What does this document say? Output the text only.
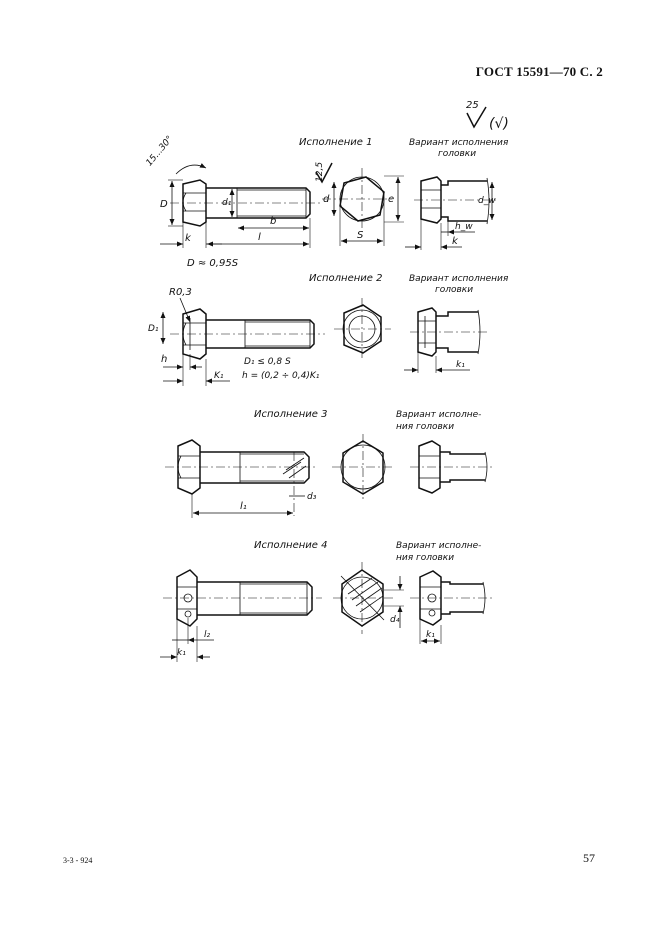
ГОСТ 15591—70 С. 2
25
(√)
Исполнение 1	Вариант исполнения
головки
15...30°
D	d₁
b
l
k
D ≈ 0,95S
12,5
d	e
S
d_w
h_w
k
Исполнение 2	Вариант исполнения
головки
R0,3
D₁
h
K₁
D₁ ≤ 0,8 S
h = (0,2 ÷ 0,4)K₁
k₁
Исполнение 3	Вариант исполне-
ния головки
l₁
d₃
Исполнение 4	Вариант исполне-
ния головки
l₂
k₁
d₄
k₁
3-3 - 924	57
